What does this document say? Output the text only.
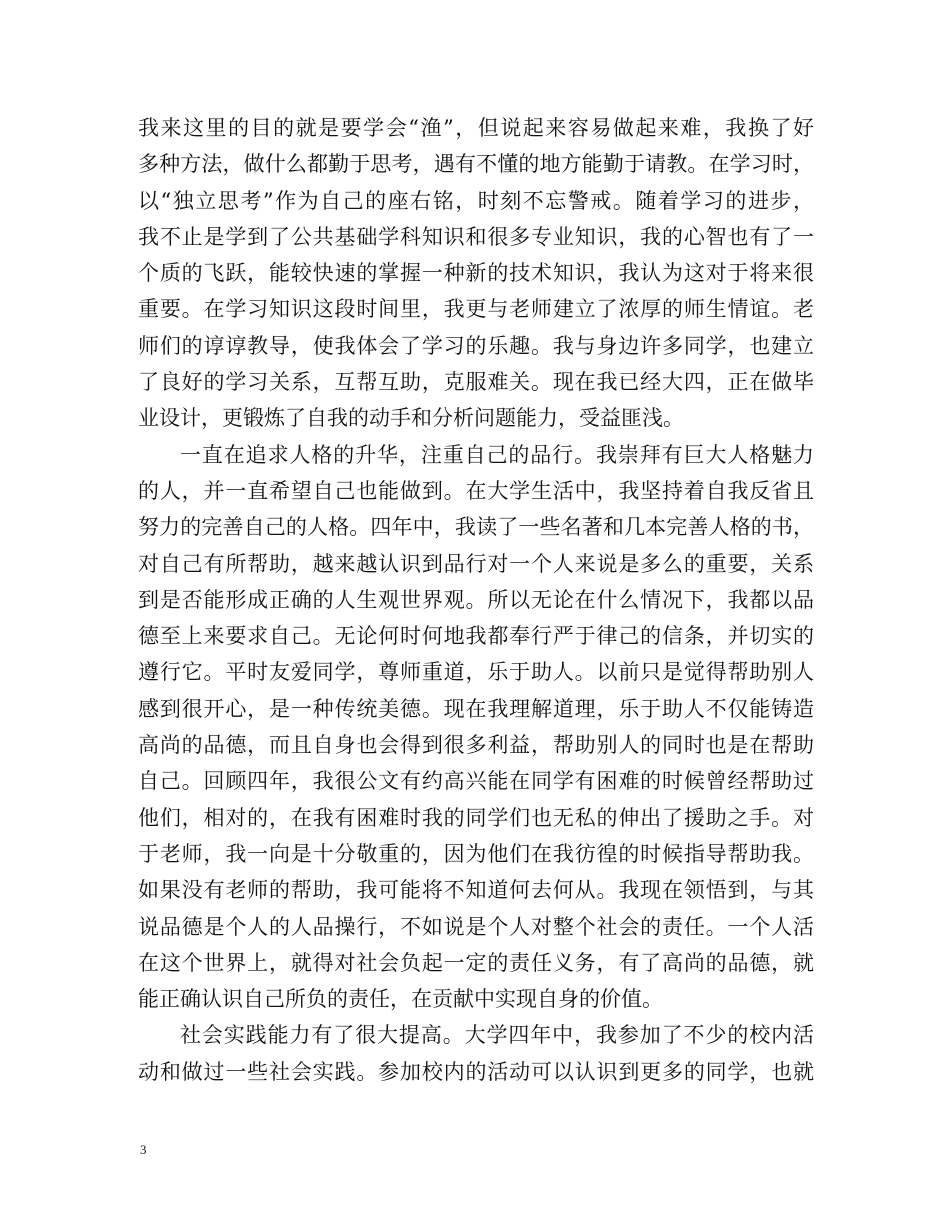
我来这里的目的就是要学会“渔”，但说起来容易做起来难，我换了好
多种方法，做什么都勤于思考，遇有不懂的地方能勤于请教。在学习时，
以“独立思考”作为自己的座右铭，时刻不忘警戒。随着学习的进步，
我不止是学到了公共基础学科知识和很多专业知识，我的心智也有了一
个质的飞跃，能较快速的掌握一种新的技术知识，我认为这对于将来很
重要。在学习知识这段时间里，我更与老师建立了浓厚的师生情谊。老
师们的谆谆教导，使我体会了学习的乐趣。我与身边许多同学，也建立
了良好的学习关系，互帮互助，克服难关。现在我已经大四，正在做毕
业设计，更锻炼了自我的动手和分析问题能力，受益匪浅。
一直在追求人格的升华，注重自己的品行。我崇拜有巨大人格魅力
的人，并一直希望自己也能做到。在大学生活中，我坚持着自我反省且
努力的完善自己的人格。四年中，我读了一些名著和几本完善人格的书，
对自己有所帮助，越来越认识到品行对一个人来说是多么的重要，关系
到是否能形成正确的人生观世界观。所以无论在什么情况下，我都以品
德至上来要求自己。无论何时何地我都奉行严于律己的信条，并切实的
遵行它。平时友爱同学，尊师重道，乐于助人。以前只是觉得帮助别人
感到很开心，是一种传统美德。现在我理解道理，乐于助人不仅能铸造
高尚的品德，而且自身也会得到很多利益，帮助别人的同时也是在帮助
自己。回顾四年，我很公文有约高兴能在同学有困难的时候曾经帮助过
他们，相对的，在我有困难时我的同学们也无私的伸出了援助之手。对
于老师，我一向是十分敬重的，因为他们在我彷徨的时候指导帮助我。
如果没有老师的帮助，我可能将不知道何去何从。我现在领悟到，与其
说品德是个人的人品操行，不如说是个人对整个社会的责任。一个人活
在这个世界上，就得对社会负起一定的责任义务，有了高尚的品德，就
能正确认识自己所负的责任，在贡献中实现自身的价值。
社会实践能力有了很大提高。大学四年中，我参加了不少的校内活
动和做过一些社会实践。参加校内的活动可以认识到更多的同学，也就
3
